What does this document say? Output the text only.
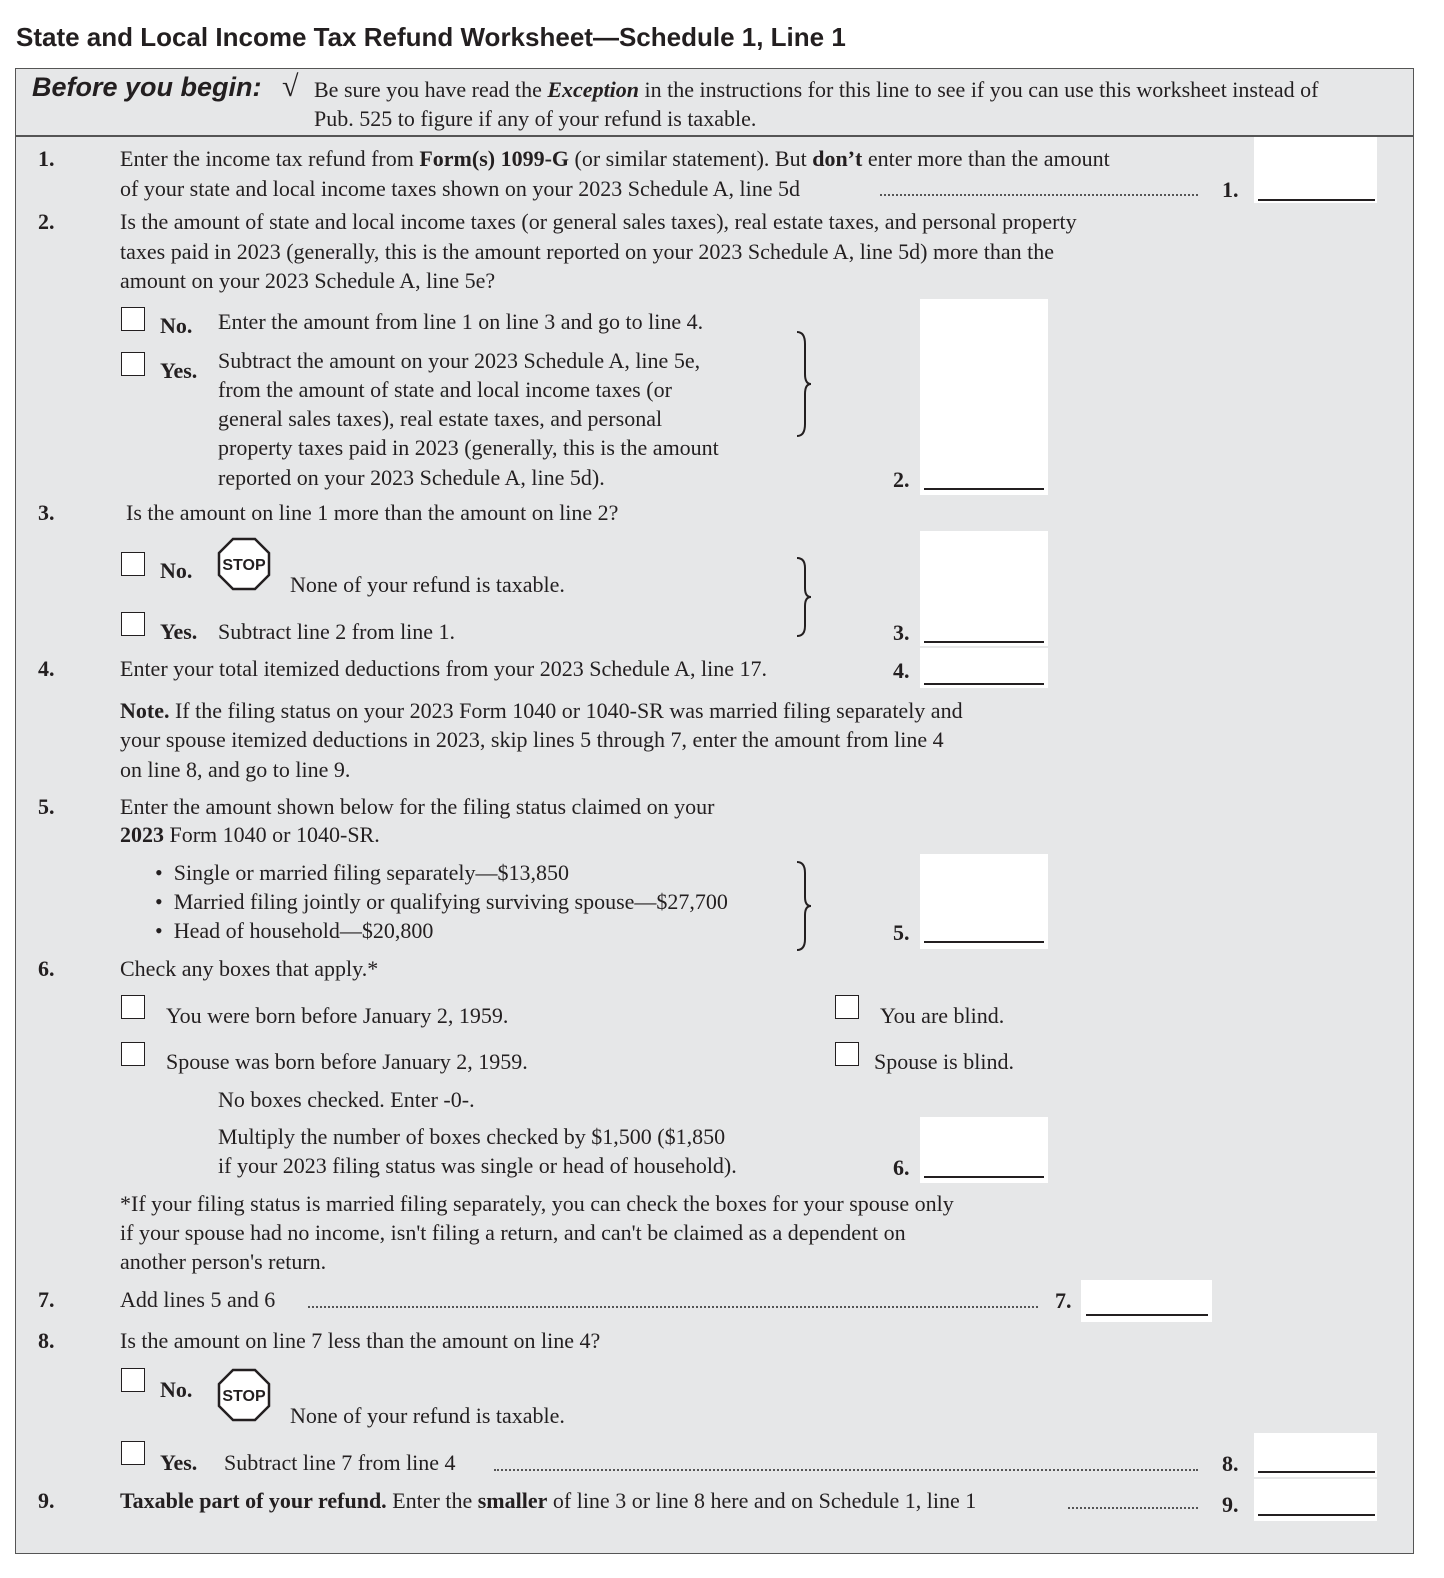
State and Local Income Tax Refund Worksheet—Schedule 1, Line 1
Before you begin: √ Be sure you have read the Exception in the instructions for this line to see if you can use this worksheet instead of
Pub. 525 to figure if any of your refund is taxable.
1.	Enter the income tax refund from Form(s) 1099-G (or similar statement). But don’t enter more than the amount
of your state and local income taxes shown on your 2023 Schedule A, line 5d	1.
2.	Is the amount of state and local income taxes (or general sales taxes), real estate taxes, and personal property
taxes paid in 2023 (generally, this is the amount reported on your 2023 Schedule A, line 5d) more than the
amount on your 2023 Schedule A, line 5e?
No. Enter the amount from line 1 on line 3 and go to line 4.
Yes. Subtract the amount on your 2023 Schedule A, line 5e,
from the amount of state and local income taxes (or
general sales taxes), real estate taxes, and personal
property taxes paid in 2023 (generally, this is the amount
reported on your 2023 Schedule A, line 5d).	2.
3.	Is the amount on line 1 more than the amount on line 2?
No. STOP
None of your refund is taxable.
Yes. Subtract line 2 from line 1.	3.
4.	Enter your total itemized deductions from your 2023 Schedule A, line 17.	4.
Note. If the filing status on your 2023 Form 1040 or 1040-SR was married filing separately and
your spouse itemized deductions in 2023, skip lines 5 through 7, enter the amount from line 4
on line 8, and go to line 9.
5.	Enter the amount shown below for the filing status claimed on your
2023 Form 1040 or 1040-SR.
•  Single or married filing separately—$13,850
•  Married filing jointly or qualifying surviving spouse—$27,700
•  Head of household—$20,800	5.
6.	Check any boxes that apply.*
You were born before January 2, 1959.	You are blind.
Spouse was born before January 2, 1959.	Spouse is blind.
No boxes checked. Enter -0-.
Multiply the number of boxes checked by $1,500 ($1,850
if your 2023 filing status was single or head of household).	6.
*If your filing status is married filing separately, you can check the boxes for your spouse only
if your spouse had no income, isn't filing a return, and can't be claimed as a dependent on
another person's return.
7.	Add lines 5 and 6	7.
8.	Is the amount on line 7 less than the amount on line 4?
No. STOP
None of your refund is taxable.
Yes. Subtract line 7 from line 4	8.
9.	Taxable part of your refund. Enter the smaller of line 3 or line 8 here and on Schedule 1, line 1	9.
